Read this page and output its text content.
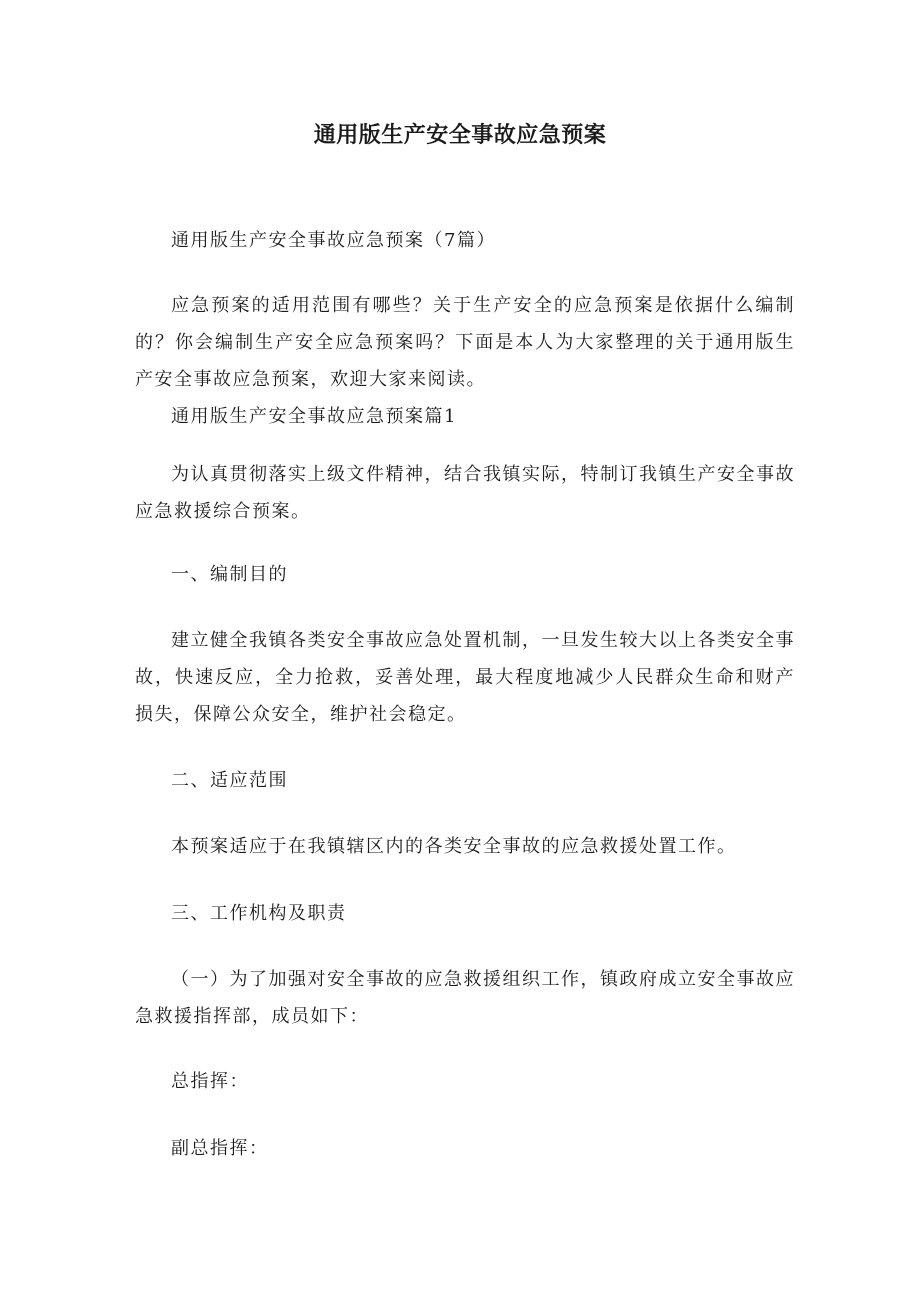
通用版生产安全事故应急预案

通用版生产安全事故应急预案（7篇）

应急预案的适用范围有哪些？关于生产安全的应急预案是依据什么编制的？你会编制生产安全应急预案吗？下面是本人为大家整理的关于通用版生产安全事故应急预案，欢迎大家来阅读。

通用版生产安全事故应急预案篇1

为认真贯彻落实上级文件精神，结合我镇实际，特制订我镇生产安全事故应急救援综合预案。

一、编制目的

建立健全我镇各类安全事故应急处置机制，一旦发生较大以上各类安全事故，快速反应，全力抢救，妥善处理，最大程度地减少人民群众生命和财产损失，保障公众安全，维护社会稳定。

二、适应范围

本预案适应于在我镇辖区内的各类安全事故的应急救援处置工作。

三、工作机构及职责

（一）为了加强对安全事故的应急救援组织工作，镇政府成立安全事故应急救援指挥部，成员如下：

总指挥：

副总指挥：
